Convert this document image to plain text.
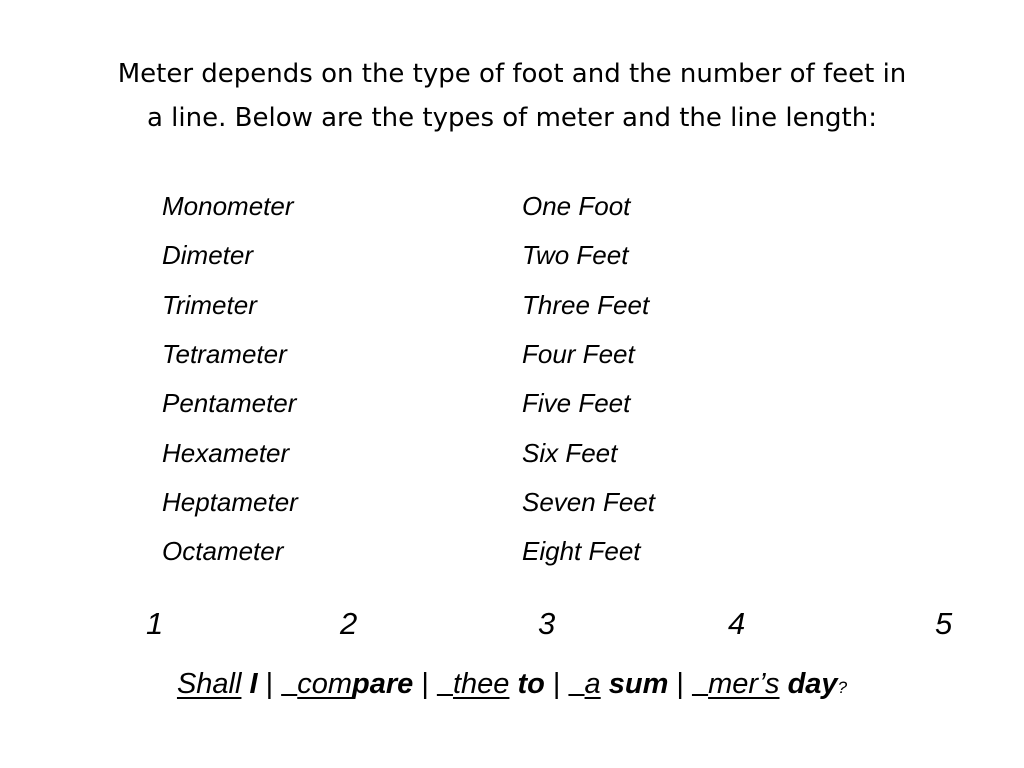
Meter depends on the type of foot and the number of feet in
a line. Below are the types of meter and the line length:
Monometer	One Foot
Dimeter	Two Feet
Trimeter	Three Feet
Tetrameter	Four Feet
Pentameter	Five Feet
Hexameter	Six Feet
Heptameter	Seven Feet
Octameter	Eight Feet
1	2	3	4	5
Shall I | compare | thee to | a sum | mer’s day?
